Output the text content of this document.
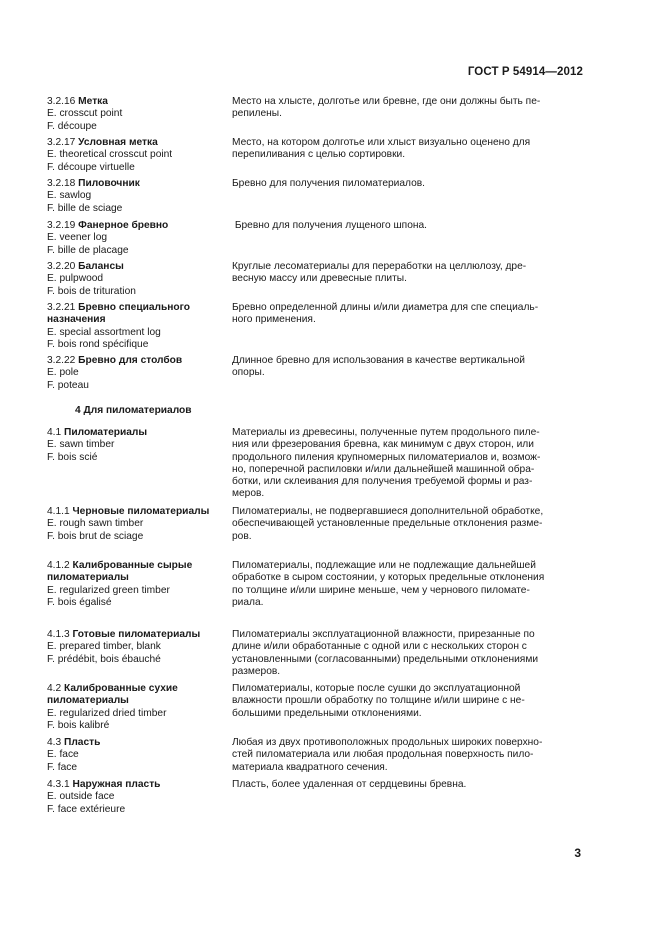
ГОСТ Р 54914—2012
3.2.16 Метка
E. crosscut point
F. découpe
Место на хлысте, долготье или бревне, где они должны быть пе-
репилены.
3.2.17 Условная метка
E. theoretical crosscut point
F. découpe virtuelle
Место, на котором долготье или хлыст визуально оценено для
перепиливания с целью сортировки.
3.2.18 Пиловочник
E. sawlog
F. bille de sciage
Бревно для получения пиломатериалов.
3.2.19 Фанерное бревно
E. veener log
F. bille de placage
Бревно для получения лущеного шпона.
3.2.20 Балансы
E. pulpwood
F. bois de trituration
Круглые лесоматериалы для переработки на целлюлозу, дре-
весную массу или древесные плиты.
3.2.21 Бревно специального
назначения
E. special assortment log
F. bois rond spécifique
Бревно определенной длины и/или диаметра для спе специаль-
ного применения.
3.2.22 Бревно для столбов
E. pole
F. poteau
Длинное бревно для использования в качестве вертикальной
опоры.
4 Для пиломатериалов
4.1 Пиломатериалы
E. sawn timber
F. bois scié
Материалы из древесины, полученные путем продольного пиле-
ния или фрезерования бревна, как минимум с двух сторон, или
продольного пиления крупномерных пиломатериалов и, возмож-
но, поперечной распиловки и/или дальнейшей машинной обра-
ботки, или склеивания для получения требуемой формы и раз-
меров.
4.1.1 Черновые пиломатериалы
E. rough sawn timber
F. bois brut de sciage
Пиломатериалы, не подвергавшиеся дополнительной обработке,
обеспечивающей установленные предельные отклонения разме-
ров.
4.1.2 Калиброванные сырые
пиломатериалы
E. regularized green timber
F. bois égalisé
Пиломатериалы, подлежащие или не подлежащие дальнейшей
обработке в сыром состоянии, у которых предельные отклонения
по толщине и/или ширине меньше, чем у чернового пиломате-
риала.
4.1.3 Готовые пиломатериалы
E. prepared timber, blank
F. prédébit, bois ébauché
Пиломатериалы эксплуатационной влажности, прирезанные по
длине и/или обработанные с одной или с нескольких сторон с
установленными (согласованными) предельными отклонениями
размеров.
4.2 Калиброванные сухие
пиломатериалы
E. regularized dried timber
F. bois kalibré
Пиломатериалы, которые после сушки до эксплуатационной
влажности прошли обработку по толщине и/или ширине с не-
большими предельными отклонениями.
4.3 Пласть
E. face
F. face
Любая из двух противоположных продольных широких поверхно-
стей пиломатериала или любая продольная поверхность пило-
материала квадратного сечения.
4.3.1 Наружная пласть
E. outside face
F. face extérieure
Пласть, более удаленная от сердцевины бревна.
3
